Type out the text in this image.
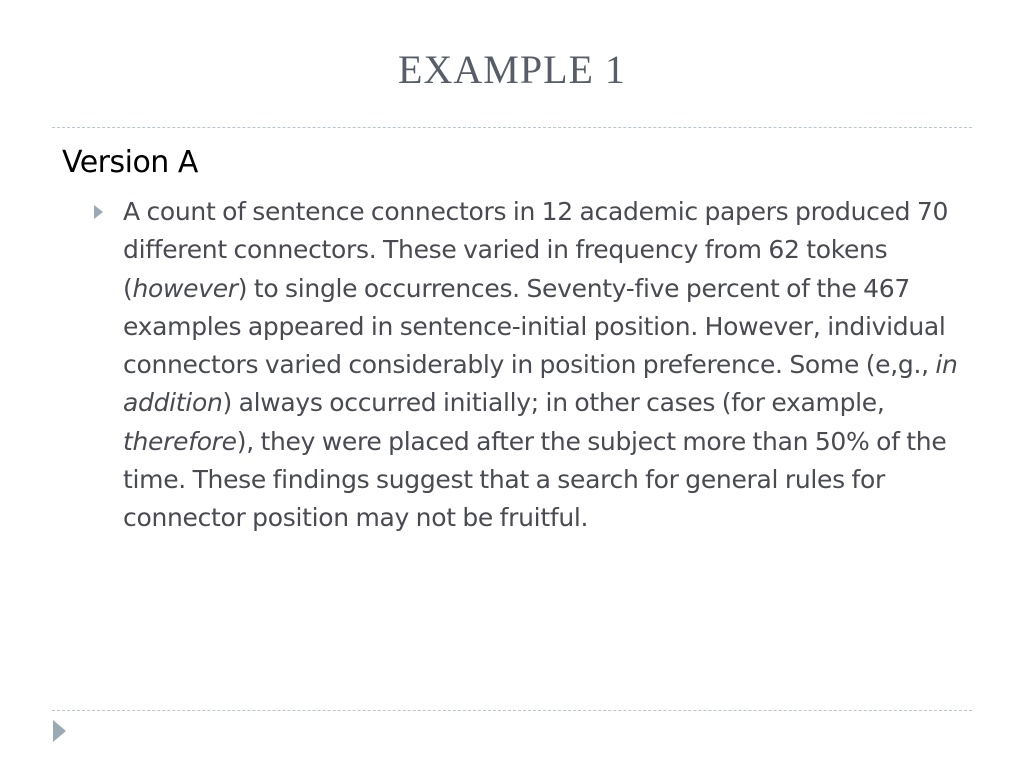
EXAMPLE 1
Version A
A count of sentence connectors in 12 academic papers produced 70 different connectors. These varied in frequency from 62 tokens (however) to single occurrences. Seventy-five percent of the 467 examples appeared in sentence-initial position. However, individual connectors varied considerably in position preference. Some (e,g., in addition) always occurred initially; in other cases (for example, therefore), they were placed after the subject more than 50% of the time. These findings suggest that a search for general rules for connector position may not be fruitful.
